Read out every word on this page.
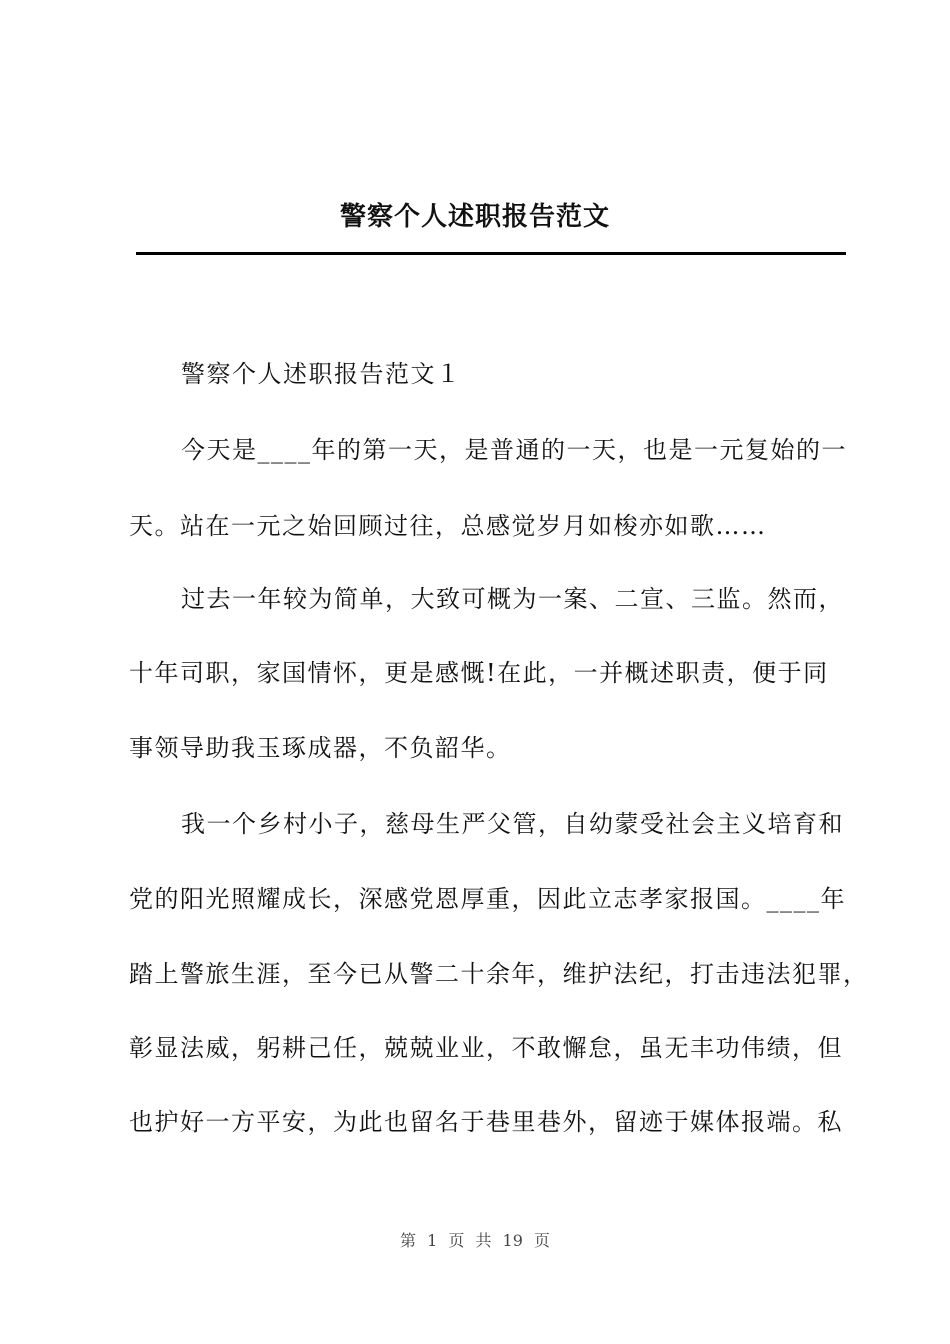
警察个人述职报告范文
警察个人述职报告范文１
今天是____年的第一天，是普通的一天，也是一元复始的一
天。站在一元之始回顾过往，总感觉岁月如梭亦如歌……
过去一年较为简单，大致可概为一案、二宣、三监。然而，
十年司职，家国情怀，更是感慨!在此，一并概述职责，便于同
事领导助我玉琢成器，不负韶华。
我一个乡村小子，慈母生严父管，自幼蒙受社会主义培育和
党的阳光照耀成长，深感党恩厚重，因此立志孝家报国。____年
踏上警旅生涯，至今已从警二十余年，维护法纪，打击违法犯罪，
彰显法威，躬耕己任，兢兢业业，不敢懈怠，虽无丰功伟绩，但
也护好一方平安，为此也留名于巷里巷外，留迹于媒体报端。私
第 1 页 共 19 页
